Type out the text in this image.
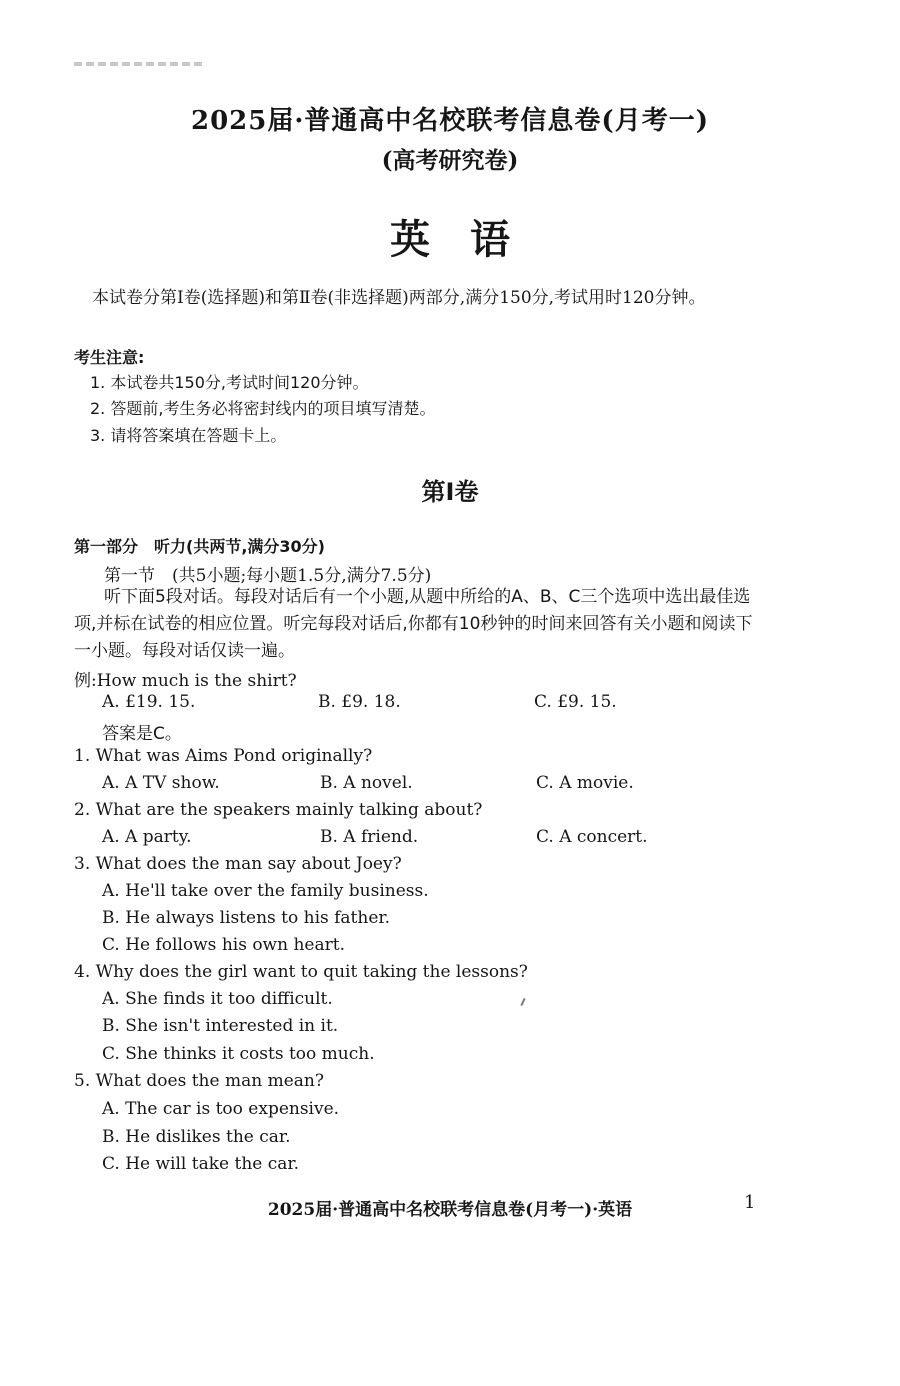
2025届·普通高中名校联考信息卷(月考一)
(高考研究卷)
英语
本试卷分第Ⅰ卷(选择题)和第Ⅱ卷(非选择题)两部分,满分150分,考试用时120分钟。
考生注意:
1. 本试卷共150分,考试时间120分钟。
2. 答题前,考生务必将密封线内的项目填写清楚。
3. 请将答案填在答题卡上。
第Ⅰ卷
第一部分　听力(共两节,满分30分)
第一节　(共5小题;每小题1.5分,满分7.5分)
听下面5段对话。每段对话后有一个小题,从题中所给的A、B、C三个选项中选出最佳选项,并标在试卷的相应位置。听完每段对话后,你都有10秒钟的时间来回答有关小题和阅读下一小题。每段对话仅读一遍。
例:How much is the shirt?
A. £19. 15.	B. £9. 18.	C. £9. 15.
答案是C。
1. What was Aims Pond originally?
A. A TV show.	B. A novel.	C. A movie.
2. What are the speakers mainly talking about?
A. A party.	B. A friend.	C. A concert.
3. What does the man say about Joey?
A. He'll take over the family business.
B. He always listens to his father.
C. He follows his own heart.
4. Why does the girl want to quit taking the lessons?
A. She finds it too difficult.
B. She isn't interested in it.
C. She thinks it costs too much.
5. What does the man mean?
A. The car is too expensive.
B. He dislikes the car.
C. He will take the car.
2025届·普通高中名校联考信息卷(月考一)·英语	1
